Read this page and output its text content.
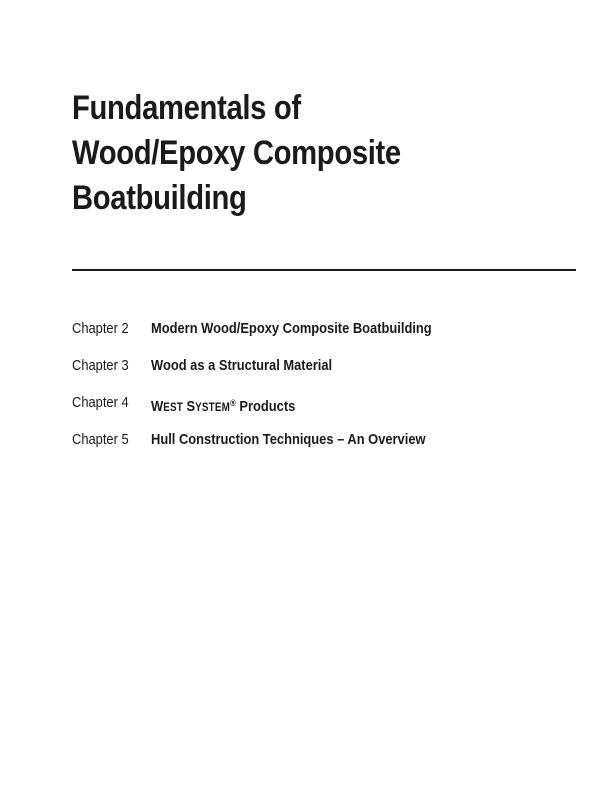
Fundamentals of
Wood/Epoxy Composite
Boatbuilding
Chapter 2 Modern Wood/Epoxy Composite Boatbuilding
Chapter 3 Wood as a Structural Material
Chapter 4 WEST SYSTEM® Products
Chapter 5 Hull Construction Techniques – An Overview
